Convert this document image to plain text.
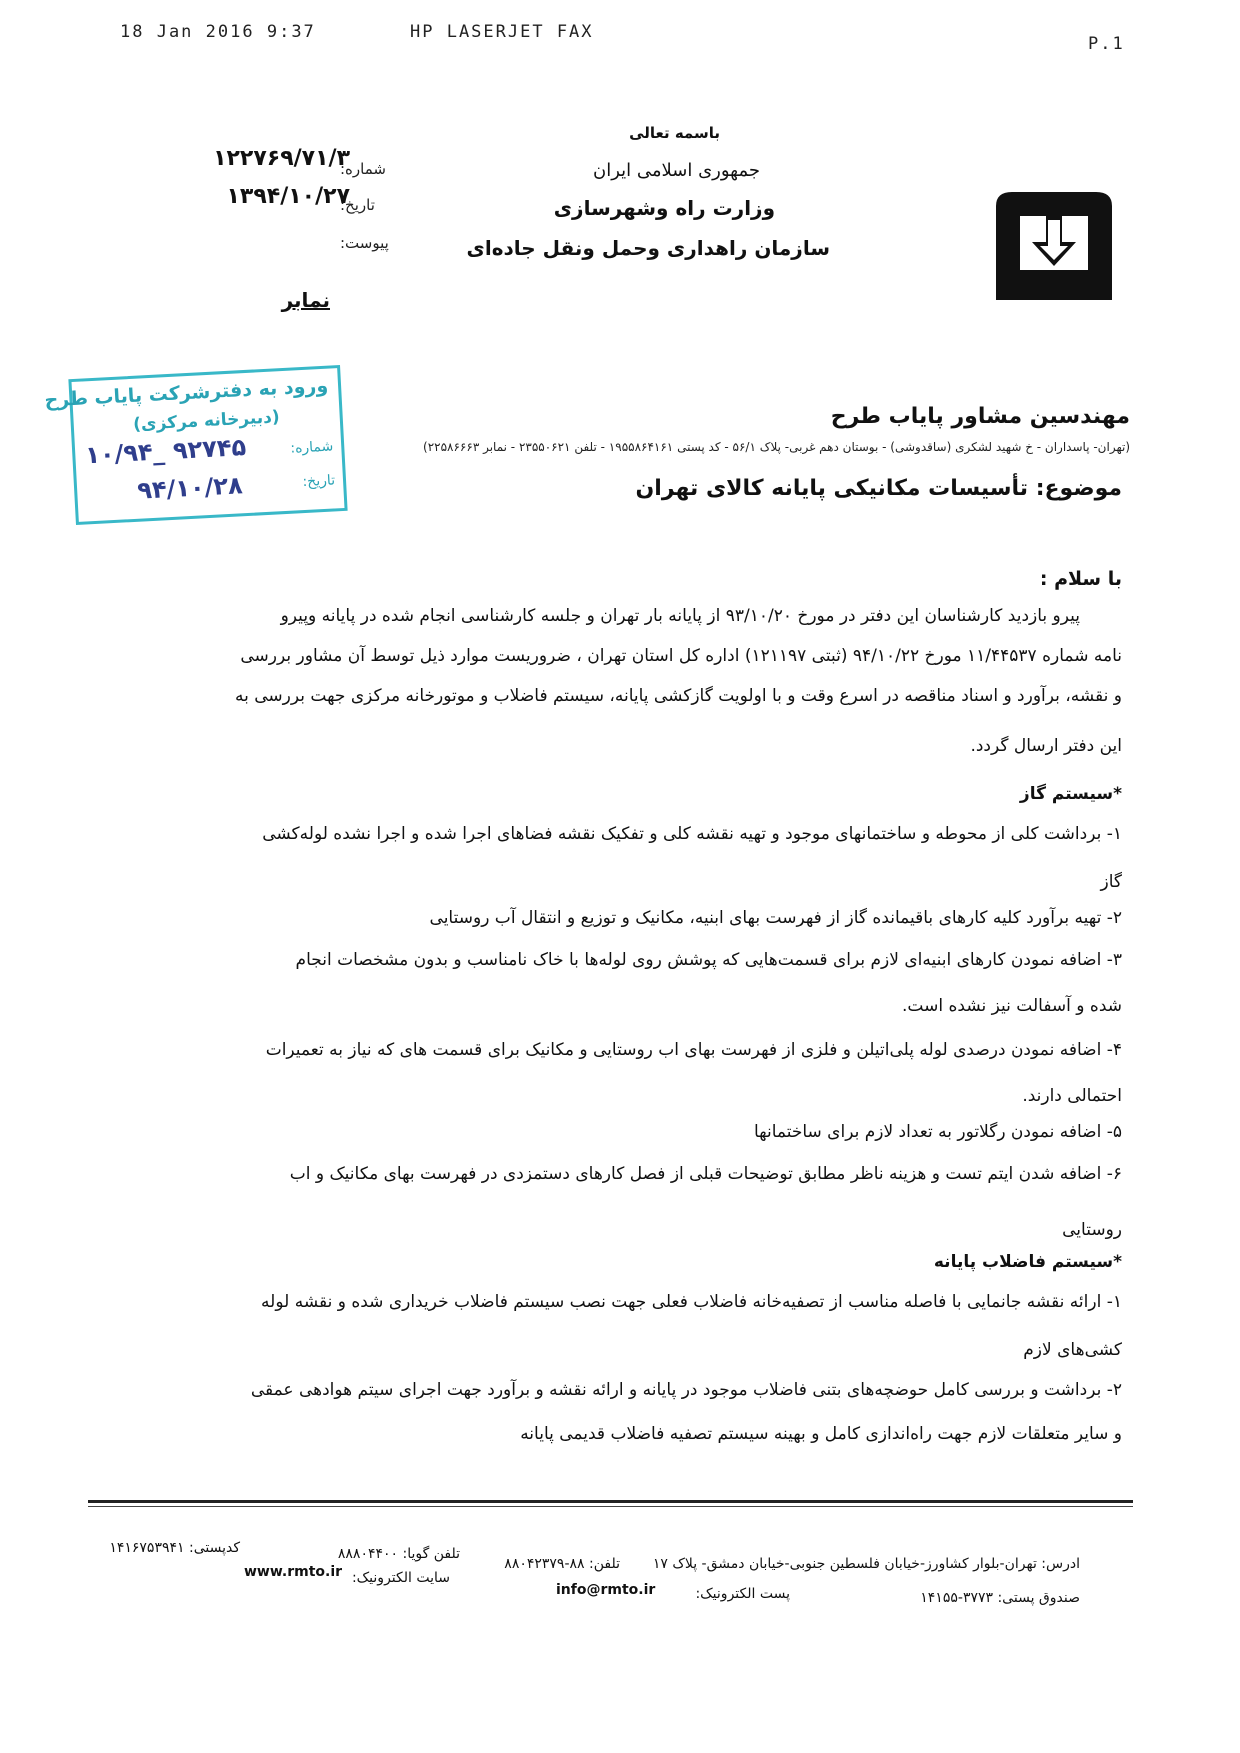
18 Jan 2016 9:37	HP LASERJET FAX
P.1
باسمه تعالی
جمهوری اسلامی ایران
وزارت راه وشهرسازی
سازمان راهداری وحمل ونقل جاده‌ای
شماره:
۱۲۲۷۶۹/۷۱/۳
تاریخ:
۱۳۹۴/۱۰/۲۷
پیوست:
نمابر
ورود به دفترشرکت پایاب طرح
(دبیرخانه مرکزی)
شماره:
۱۰/۹۴_ ۹۲۷۴۵
تاریخ:
۹۴/۱۰/۲۸
مهندسین مشاور پایاب طرح
(تهران- پاسداران - خ شهید لشکری (ساقدوشی) - بوستان دهم غربی- پلاک ۵۶/۱ - کد پستی ۱۹۵۵۸۶۴۱۶۱ - تلفن ۲۳۵۵۰۶۲۱ - نمابر ۲۲۵۸۶۶۶۳)
موضوع: تأسیسات مکانیکی پایانه کالای تهران
با سلام :
پیرو بازدید کارشناسان این دفتر در مورخ ۹۳/۱۰/۲۰ از پایانه بار تهران و جلسه کارشناسی انجام شده در پایانه وپیرو
نامه شماره ۱۱/۴۴۵۳۷ مورخ ۹۴/۱۰/۲۲ (ثبتی ۱۲۱۱۹۷) اداره کل استان تهران ، ضروریست موارد ذیل توسط آن مشاور بررسی
و نقشه، برآورد و اسناد مناقصه در اسرع وقت و با اولویت گازکشی پایانه، سیستم فاضلاب و موتورخانه مرکزی جهت بررسی به
این دفتر ارسال گردد.
*سیستم گاز
۱- برداشت کلی از محوطه و ساختمانهای موجود و تهیه نقشه کلی و تفکیک نقشه فضاهای اجرا شده و اجرا نشده لوله‌کشی
گاز
۲- تهیه برآورد کلیه کارهای باقیمانده گاز از فهرست بهای ابنیه، مکانیک و توزیع و انتقال آب روستایی
۳- اضافه نمودن کارهای ابنیه‌ای لازم برای قسمت‌هایی که پوشش روی لوله‌ها با خاک نامناسب و بدون مشخصات انجام
شده و آسفالت نیز نشده است.
۴- اضافه نمودن درصدی لوله پلی‌اتیلن و فلزی از فهرست بهای اب روستایی و مکانیک برای قسمت های که نیاز به تعمیرات
احتمالی دارند.
۵- اضافه نمودن رگلاتور به تعداد لازم برای ساختمانها
۶- اضافه شدن ایتم تست و هزینه ناظر مطابق توضیحات قبلی از فصل کارهای دستمزدی در فهرست بهای مکانیک و اب
روستایی
*سیستم فاضلاب پایانه
۱- ارائه نقشه جانمایی با فاصله مناسب از تصفیه‌خانه فاضلاب فعلی جهت نصب سیستم فاضلاب خریداری شده و نقشه لوله
کشی‌های لازم
۲- برداشت و بررسی کامل حوضچه‌های بتنی فاضلاب موجود در پایانه و ارائه نقشه و برآورد جهت اجرای سیتم هوادهی عمقی
و سایر متعلقات لازم جهت راه‌اندازی کامل و بهینه سیستم تصفیه فاضلاب قدیمی پایانه
ادرس: تهران-بلوار کشاورز-خیابان فلسطین جنوبی-خیابان دمشق- پلاک ۱۷
تلفن: ۸۸-۸۸۰۴۲۳۷۹
تلفن گویا: ۸۸۸۰۴۴۰۰
کدپستی: ۱۴۱۶۷۵۳۹۴۱
صندوق پستی: ۳۷۷۳-۱۴۱۵۵
پست الکترونیک:
info@rmto.ir
سایت الکترونیک:
www.rmto.ir
